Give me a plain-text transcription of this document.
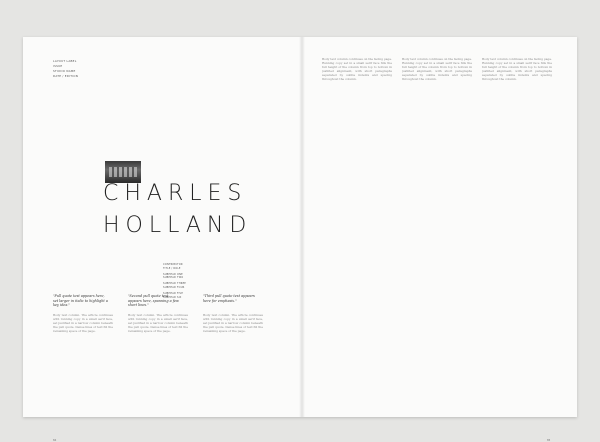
LAYOUT LABEL
ISSUE
STUDIO NAME
DATE / EDITION
CHARLES
HOLLAND
CONTRIBUTOR
TITLE / ROLE
SUBHEAD ONE
SUBHEAD TWO
SUBHEAD THREE
SUBHEAD FOUR
SUBHEAD FIVE
SUBHEAD SIX
"Pull quote text appears here, set larger in italic to highlight a key idea."
"Second pull quote text appears here, spanning a few short lines."
"Third pull quote text appears here for emphasis."
Body text column. The article continues with running copy in a small serif face, set justified in a narrow column beneath the pull quote. Dense lines of text fill the remaining space of the page.
Body text column. The article continues with running copy in a small serif face, set justified in a narrow column beneath the pull quote. Dense lines of text fill the remaining space of the page.
Body text column. The article continues with running copy in a small serif face, set justified in a narrow column beneath the pull quote. Dense lines of text fill the remaining space of the page.
84
Body text column continues on the facing page. Running copy set in a small serif face fills the full height of the column from top to bottom in justified alignment, with short paragraphs separated by subtle indents and spacing throughout the column.
Body text column continues on the facing page. Running copy set in a small serif face fills the full height of the column from top to bottom in justified alignment, with short paragraphs separated by subtle indents and spacing throughout the column.
Body text column continues on the facing page. Running copy set in a small serif face fills the full height of the column from top to bottom in justified alignment, with short paragraphs separated by subtle indents and spacing throughout the column.
85
